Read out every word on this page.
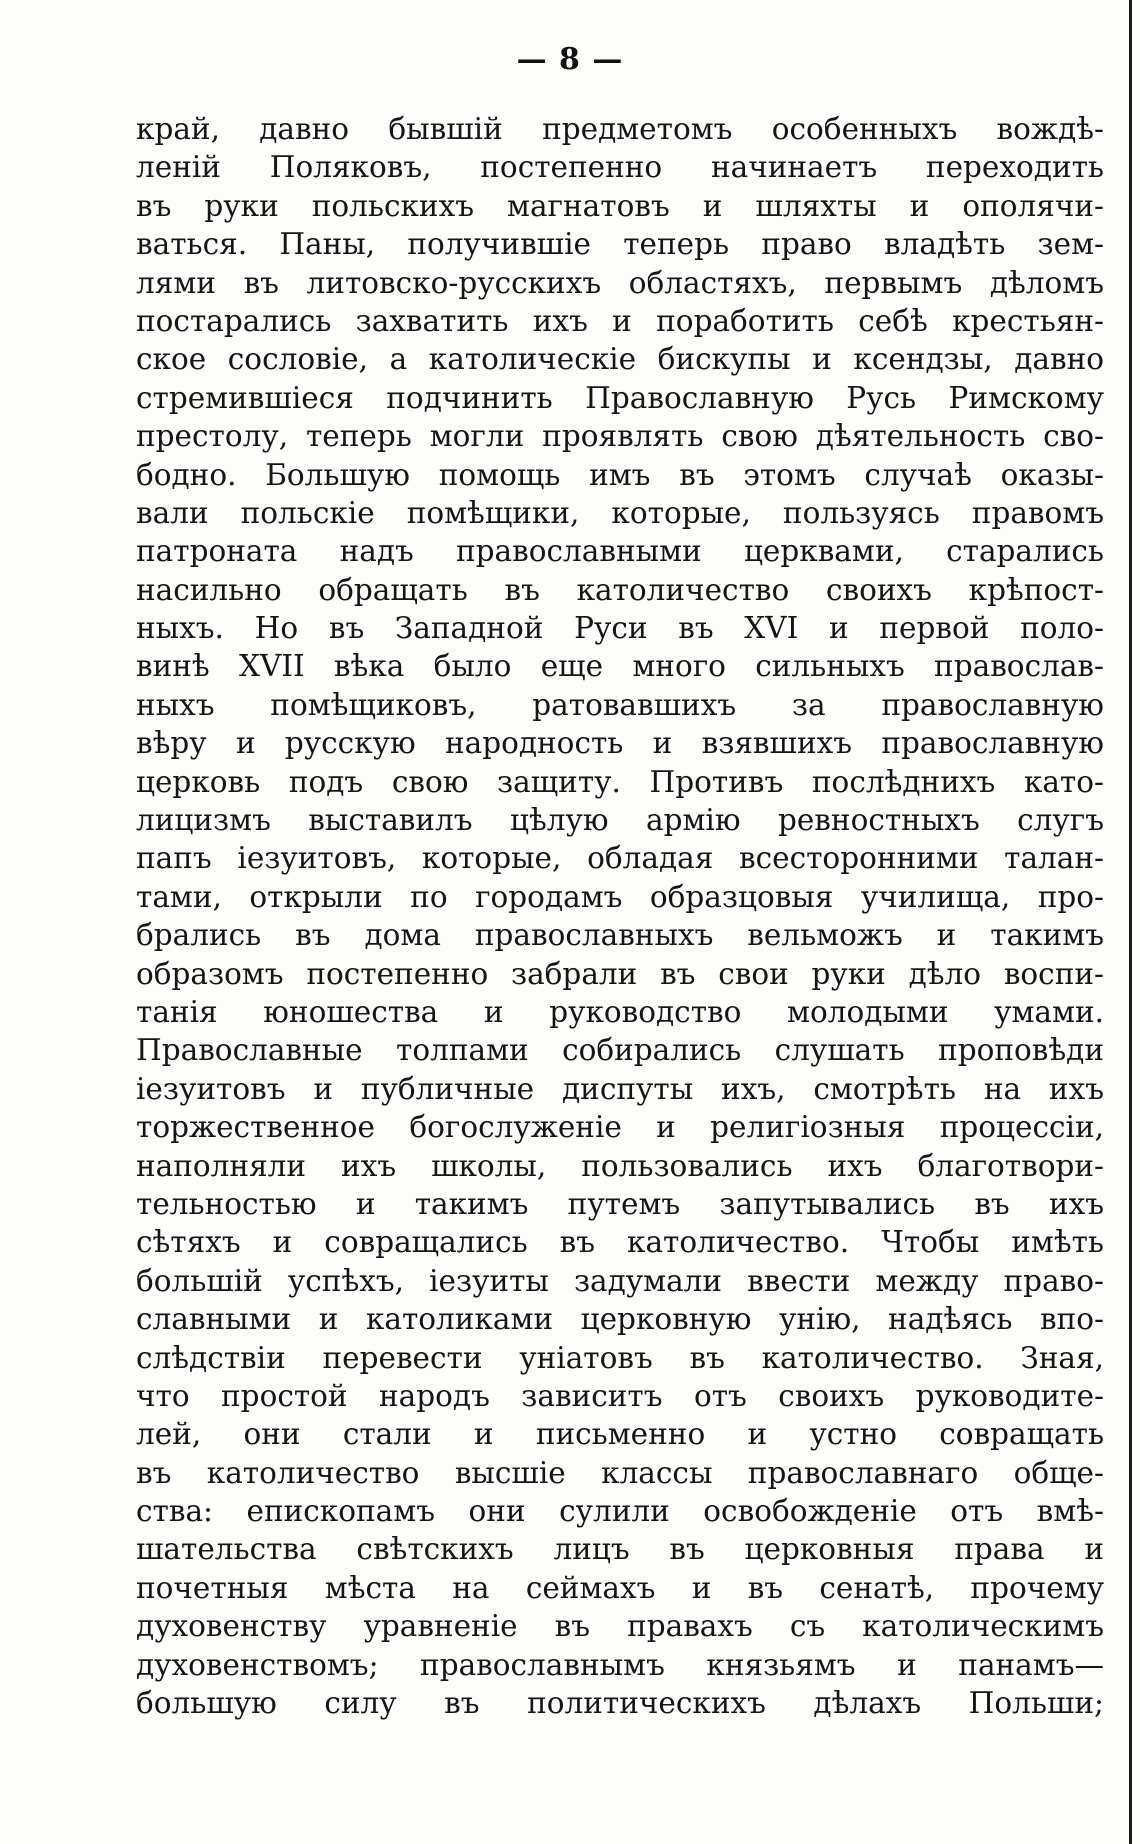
— 8 —
край, давно бывшій предметомъ особенныхъ вождѣ-
леній Поляковъ, постепенно начинаетъ переходить
въ руки польскихъ магнатовъ и шляхты и ополячи-
ваться. Паны, получившіе теперь право владѣть зем-
лями въ литовско-русскихъ областяхъ, первымъ дѣломъ
постарались захватить ихъ и поработить себѣ крестьян-
ское сословіе, а католическіе бискупы и ксендзы, давно
стремившіеся подчинить Православную Русь Римскому
престолу, теперь могли проявлять свою дѣятельность сво-
бодно. Большую помощь имъ въ этомъ случаѣ оказы-
вали польскіе помѣщики, которые, пользуясь правомъ
патроната надъ православными церквами, старались
насильно обращать въ католичество своихъ крѣпост-
ныхъ. Но въ Западной Руси въ XVI и первой поло-
винѣ XVII вѣка было еще много сильныхъ православ-
ныхъ помѣщиковъ, ратовавшихъ за православную
вѣру и русскую народность и взявшихъ православную
церковь подъ свою защиту. Противъ послѣднихъ като-
лицизмъ выставилъ цѣлую армію ревностныхъ слугъ
папъ іезуитовъ, которые, обладая всесторонними талан-
тами, открыли по городамъ образцовыя училища, про-
брались въ дома православныхъ вельможъ и такимъ
образомъ постепенно забрали въ свои руки дѣло воспи-
танія юношества и руководство молодыми умами.
Православные толпами собирались слушать проповѣди
іезуитовъ и публичные диспуты ихъ, смотрѣть на ихъ
торжественное богослуженіе и религіозныя процессіи,
наполняли ихъ школы, пользовались ихъ благотвори-
тельностью и такимъ путемъ запутывались въ ихъ
сѣтяхъ и совращались въ католичество. Чтобы имѣть
большій успѣхъ, іезуиты задумали ввести между право-
славными и католиками церковную унію, надѣясь впо-
слѣдствіи перевести уніатовъ въ католичество. Зная,
что простой народъ зависитъ отъ своихъ руководите-
лей, они стали и письменно и устно совращать
въ католичество высшіе классы православнаго обще-
ства: епископамъ они сулили освобожденіе отъ вмѣ-
шательства свѣтскихъ лицъ въ церковныя права и
почетныя мѣста на сеймахъ и въ сенатѣ, прочему
духовенству уравненіе въ правахъ съ католическимъ
духовенствомъ; православнымъ князьямъ и панамъ—
большую силу въ политическихъ дѣлахъ Польши;
